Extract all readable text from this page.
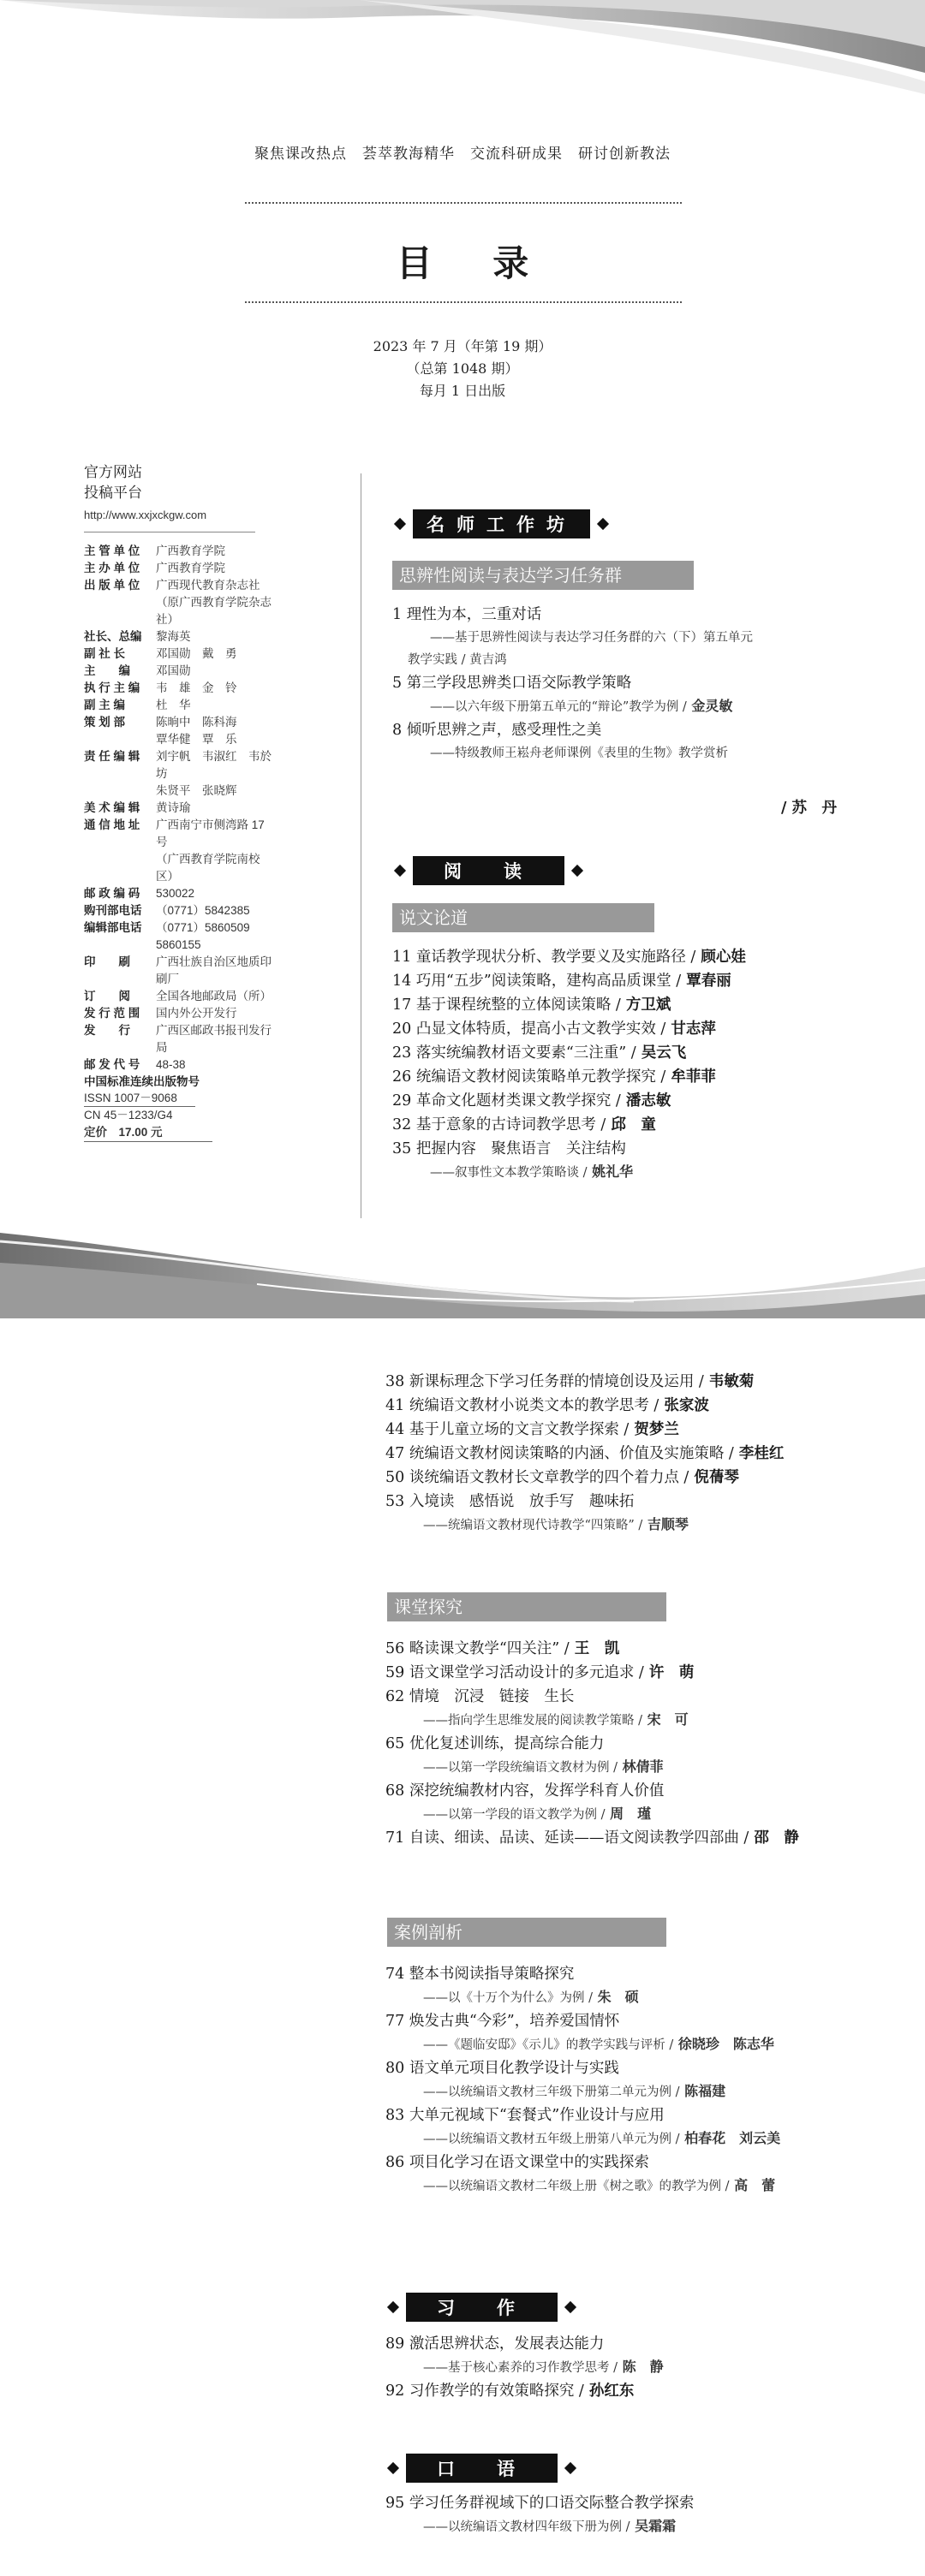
聚焦课改热点　荟萃教海精华　交流科研成果　研讨创新教法
目 录
2023 年 7 月（年第 19 期）
（总第 1048 期）
每月 1 日出版
官方网站
投稿平台
http://www.xxjxckgw.com
主 管 单 位	广西教育学院
主 办 单 位	广西教育学院
出 版 单 位	广西现代教育杂志社
（原广西教育学院杂志社）
社长、总编	黎海英
副 社 长	邓国勋　戴　勇
主　　编	邓国勋
执 行 主 编	韦　雄　金　铃
副 主 编	杜　华
策 划 部	陈晌中　陈科海
覃华健　覃　乐
责 任 编 辑	刘宇帆　韦淑红　韦於坊
朱贤平　张晓辉
美 术 编 辑	黄诗瑜
通 信 地 址	广西南宁市侧湾路 17 号
（广西教育学院南校区）
邮 政 编 码	530022
购刊部电话	（0771）5842385
编辑部电话	（0771）5860509　5860155
印　　刷	广西壮族自治区地质印刷厂
订　　阅	全国各地邮政局（所）
发 行 范 围	国内外公开发行
发　　行	广西区邮政书报刊发行局
邮 发 代 号	48-38
中国标准连续出版物号
ISSN 1007－9068
CN 45－1233/G4
定价　17.00 元
名师工作坊
思辨性阅读与表达学习任务群
1 理性为本，三重对话
——基于思辨性阅读与表达学习任务群的六（下）第五单元
教学实践 / 黄吉鸿
5 第三学段思辨类口语交际教学策略
——以六年级下册第五单元的“辩论”教学为例 / 金灵敏
8 倾听思辨之声，感受理性之美
——特级教师王崧舟老师课例《表里的生物》教学赏析
/ 苏　丹
阅　读
说文论道
11 童话教学现状分析、教学要义及实施路径 / 顾心娃
14 巧用“五步”阅读策略，建构高品质课堂 / 覃春丽
17 基于课程统整的立体阅读策略 / 方卫斌
20 凸显文体特质，提高小古文教学实效 / 甘志萍
23 落实统编教材语文要素“三注重” / 吴云飞
26 统编语文教材阅读策略单元教学探究 / 牟菲菲
29 革命文化题材类课文教学探究 / 潘志敏
32 基于意象的古诗词教学思考 / 邱　童
35 把握内容　聚焦语言　关注结构
——叙事性文本教学策略谈 / 姚礼华
38 新课标理念下学习任务群的情境创设及运用 / 韦敏菊
41 统编语文教材小说类文本的教学思考 / 张家波
44 基于儿童立场的文言文教学探索 / 贺梦兰
47 统编语文教材阅读策略的内涵、价值及实施策略 / 李桂红
50 谈统编语文教材长文章教学的四个着力点 / 倪蒨琴
53 入境读　感悟说　放手写　趣味拓
——统编语文教材现代诗教学“四策略” / 吉顺琴
课堂探究
56 略读课文教学“四关注” / 王　凯
59 语文课堂学习活动设计的多元追求 / 许　萌
62 情境　沉浸　链接　生长
——指向学生思维发展的阅读教学策略 / 宋　可
65 优化复述训练，提高综合能力
——以第一学段统编语文教材为例 / 林倩菲
68 深挖统编教材内容，发挥学科育人价值
——以第一学段的语文教学为例 / 周　瑾
71 自读、细读、品读、延读——语文阅读教学四部曲 / 邵　静
案例剖析
74 整本书阅读指导策略探究
——以《十万个为什么》为例 / 朱　硕
77 焕发古典“今彩”，培养爱国情怀
——《题临安邸》《示儿》的教学实践与评析 / 徐晓珍　陈志华
80 语文单元项目化教学设计与实践
——以统编语文教材三年级下册第二单元为例 / 陈福建
83 大单元视域下“套餐式”作业设计与应用
——以统编语文教材五年级上册第八单元为例 / 柏春花　刘云美
86 项目化学习在语文课堂中的实践探索
——以统编语文教材二年级上册《树之歌》的教学为例 / 高　蕾
习　作
89 激活思辨状态，发展表达能力
——基于核心素养的习作教学思考 / 陈　静
92 习作教学的有效策略探究 / 孙红东
口　语
95 学习任务群视域下的口语交际整合教学探索
——以统编语文教材四年级下册为例 / 吴霜霜
